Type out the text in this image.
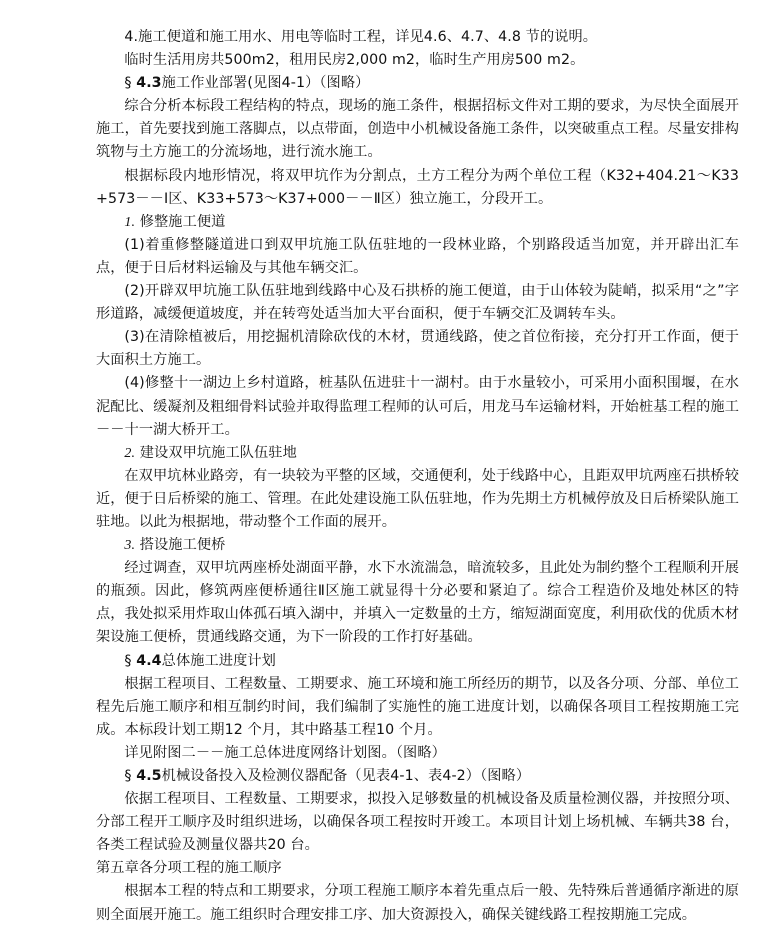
4.施工便道和施工用水、用电等临时工程，详见4.6、4.7、4.8 节的说明。

临时生活用房共500m2，租用民房2,000 m2，临时生产用房500 m2。

§ 4.3施工作业部署(见图4-1）（图略）

综合分析本标段工程结构的特点，现场的施工条件，根据招标文件对工期的要求，为尽快全面展开施工，首先要找到施工落脚点，以点带面，创造中小机械设备施工条件，以突破重点工程。尽量安排构筑物与土方施工的分流场地，进行流水施工。

根据标段内地形情况，将双甲坑作为分割点，土方工程分为两个单位工程（K32+404.21～K33+573－－Ⅰ区、K33+573～K37+000－－Ⅱ区）独立施工，分段开工。

1. 修整施工便道

(1)着重修整隧道进口到双甲坑施工队伍驻地的一段林业路，个别路段适当加宽，并开辟出汇车点，便于日后材料运输及与其他车辆交汇。

(2)开辟双甲坑施工队伍驻地到线路中心及石拱桥的施工便道，由于山体较为陡峭，拟采用“之”字形道路，减缓便道坡度，并在转弯处适当加大平台面积，便于车辆交汇及调转车头。

(3)在清除植被后，用挖掘机清除砍伐的木材，贯通线路，使之首位衔接，充分打开工作面，便于大面积土方施工。

(4)修整十一湖边上乡村道路，桩基队伍进驻十一湖村。由于水量较小，可采用小面积围堰，在水泥配比、缓凝剂及粗细骨料试验并取得监理工程师的认可后，用龙马车运输材料，开始桩基工程的施工－－十一湖大桥开工。

2. 建设双甲坑施工队伍驻地

在双甲坑林业路旁，有一块较为平整的区域，交通便利，处于线路中心，且距双甲坑两座石拱桥较近，便于日后桥梁的施工、管理。在此处建设施工队伍驻地，作为先期土方机械停放及日后桥梁队施工驻地。以此为根据地，带动整个工作面的展开。

3. 搭设施工便桥

经过调查，双甲坑两座桥处湖面平静，水下水流湍急，暗流较多，且此处为制约整个工程顺利开展的瓶颈。因此，修筑两座便桥通往Ⅱ区施工就显得十分必要和紧迫了。综合工程造价及地处林区的特点，我处拟采用炸取山体孤石填入湖中，并填入一定数量的土方，缩短湖面宽度，利用砍伐的优质木材架设施工便桥，贯通线路交通，为下一阶段的工作打好基础。

§ 4.4总体施工进度计划

根据工程项目、工程数量、工期要求、施工环境和施工所经历的期节，以及各分项、分部、单位工程先后施工顺序和相互制约时间，我们编制了实施性的施工进度计划，以确保各项目工程按期施工完成。本标段计划工期12 个月，其中路基工程10 个月。

详见附图二－－施工总体进度网络计划图。（图略）

§ 4.5机械设备投入及检测仪器配备（见表4-1、表4-2）（图略）

依据工程项目、工程数量、工期要求，拟投入足够数量的机械设备及质量检测仪器，并按照分项、分部工程开工顺序及时组织进场，以确保各项工程按时开竣工。本项目计划上场机械、车辆共38 台，各类工程试验及测量仪器共20 台。

第五章各分项工程的施工顺序

根据本工程的特点和工期要求，分项工程施工顺序本着先重点后一般、先特殊后普通循序渐进的原则全面展开施工。施工组织时合理安排工序、加大资源投入，确保关键线路工程按期施工完成。
